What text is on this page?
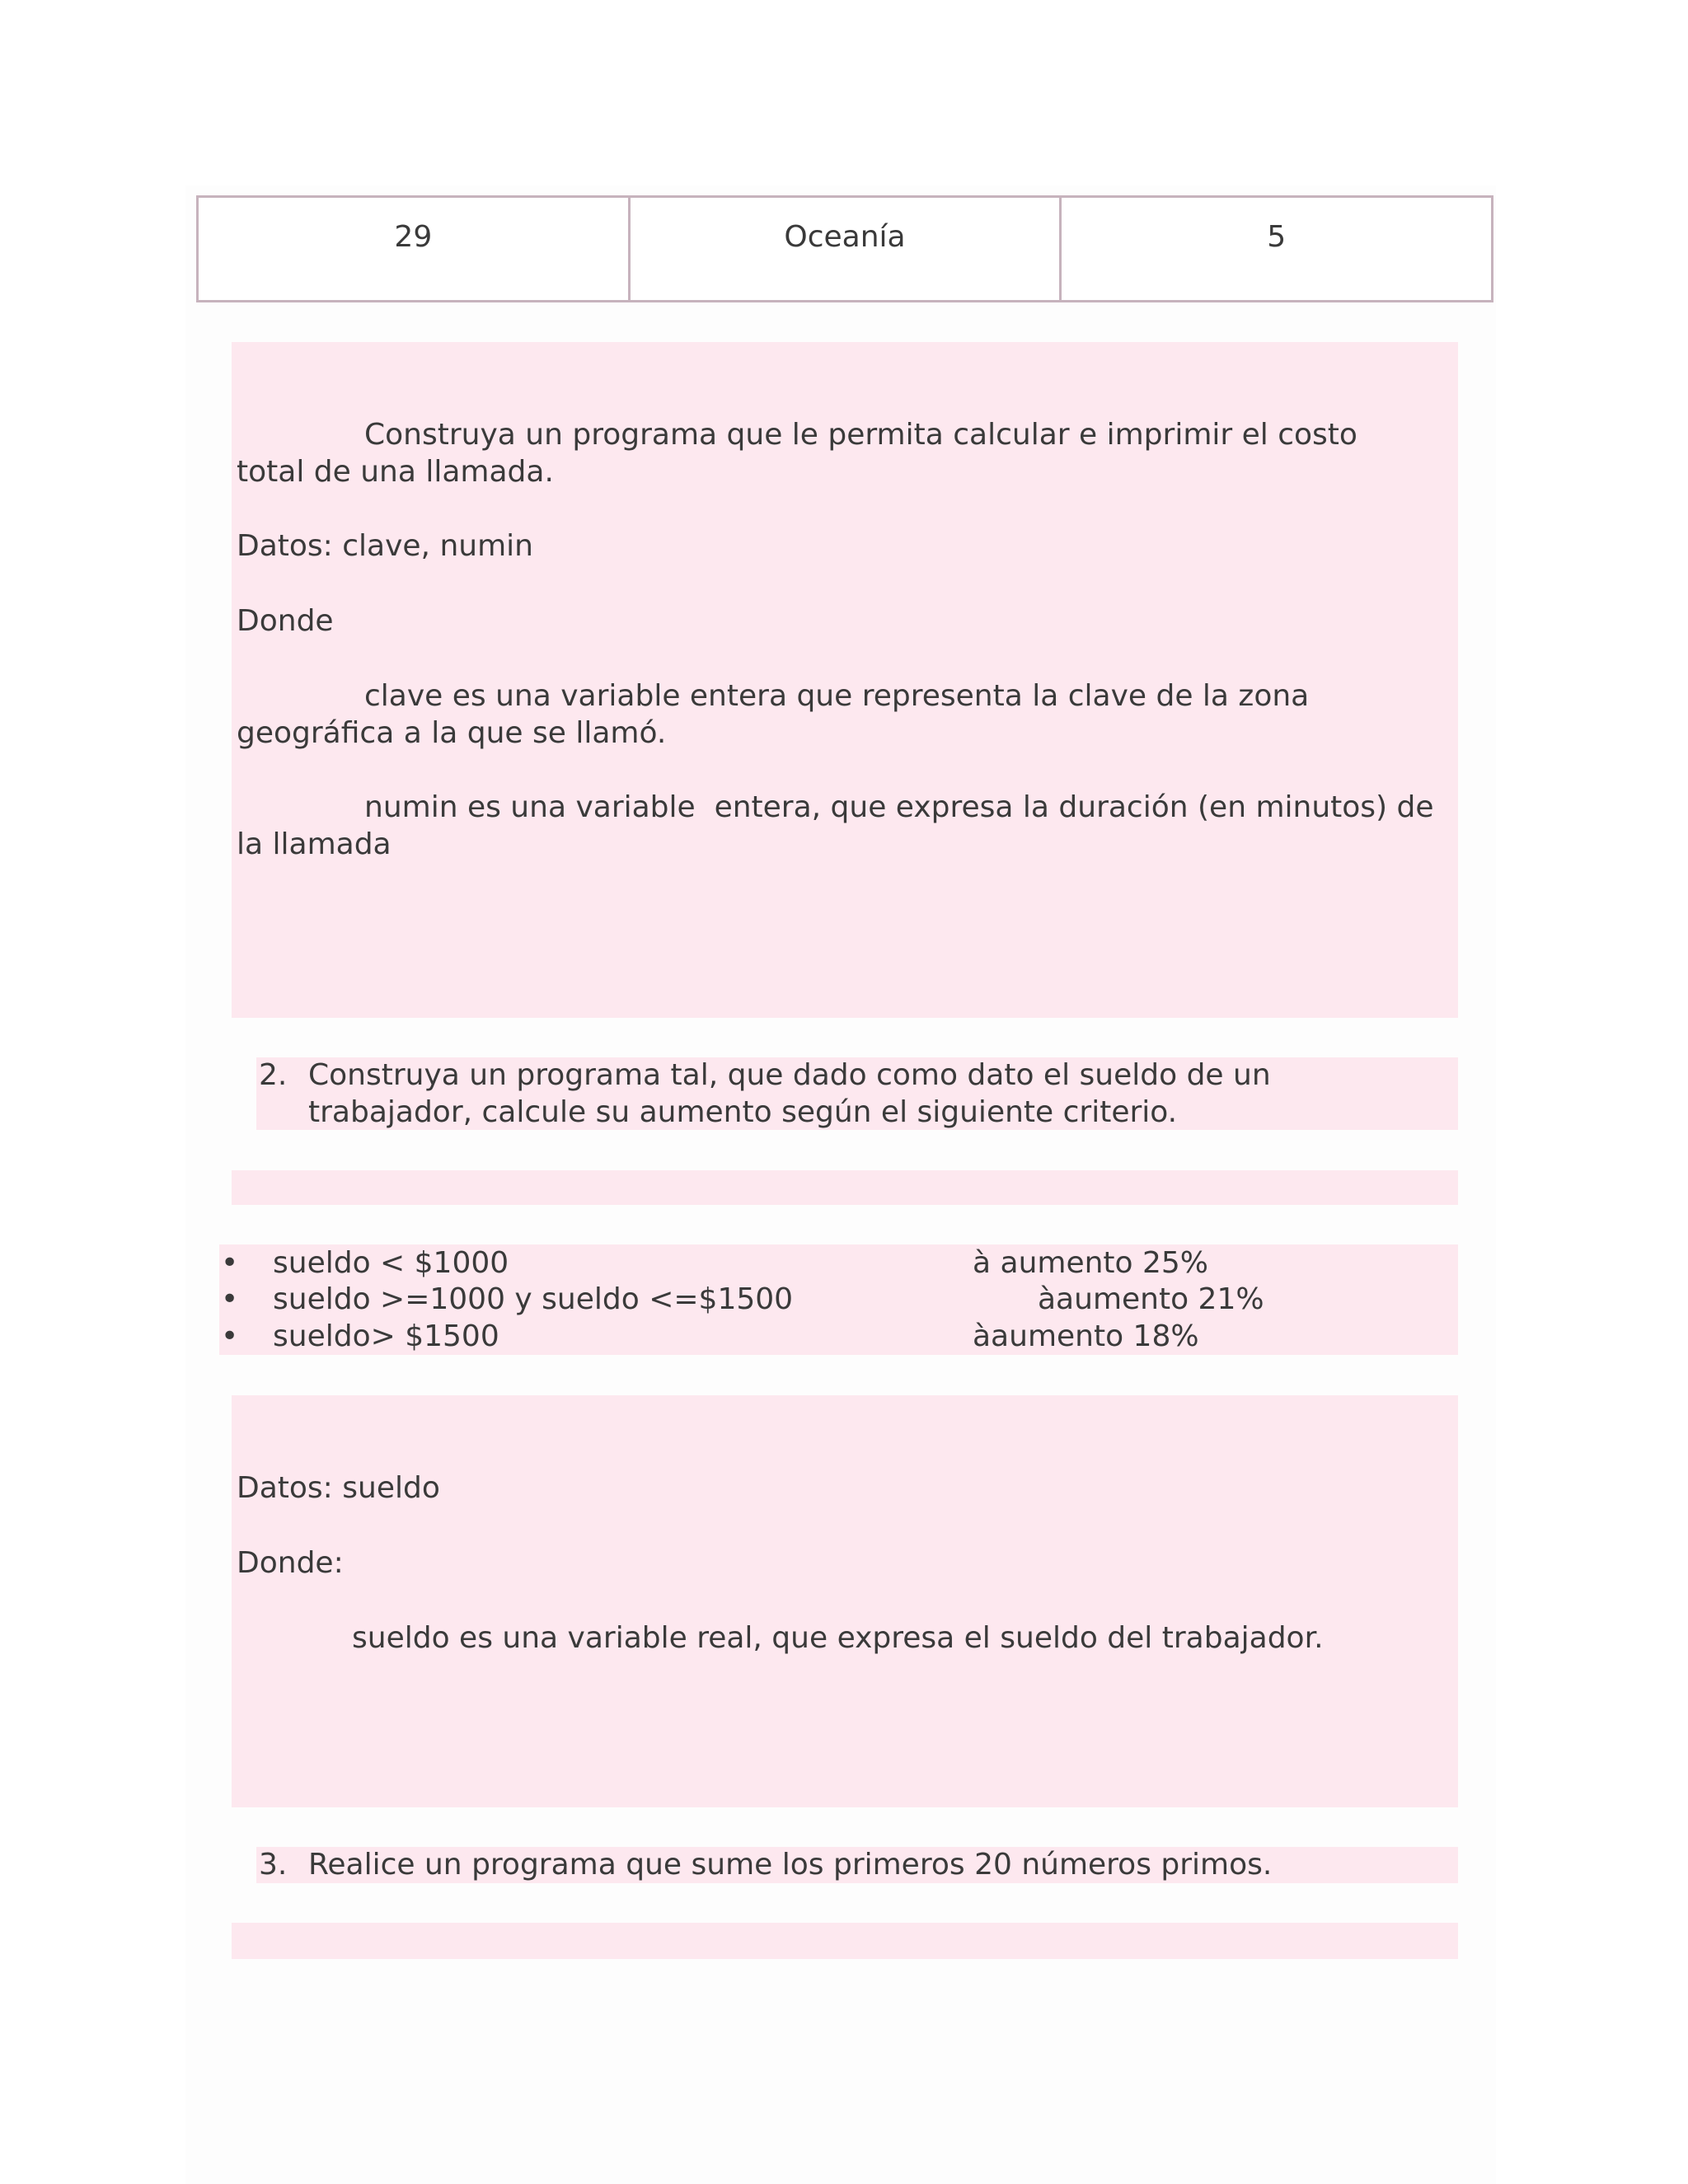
29	Oceanía	5
Construya un programa que le permita calcular e imprimir el costo total de una llamada.
Datos: clave, numin
Donde
clave es una variable entera que representa la clave de la zona geográfica a la que se llamó.
numin es una variable  entera, que expresa la duración (en minutos) de la llamada

2.

Construya un programa tal, que dado como dato el sueldo de un trabajador, calcule su aumento según el siguiente criterio.

•

sueldo < $1000

	à aumento 25%

•

sueldo >=1000 y sueldo <=$1500

	àaumento 21%

•

sueldo> $1500

	àaumento 18%

Datos: sueldo
Donde:
sueldo es una variable real, que expresa el sueldo del trabajador.

3.

Realice un programa que sume los primeros 20 números primos.
